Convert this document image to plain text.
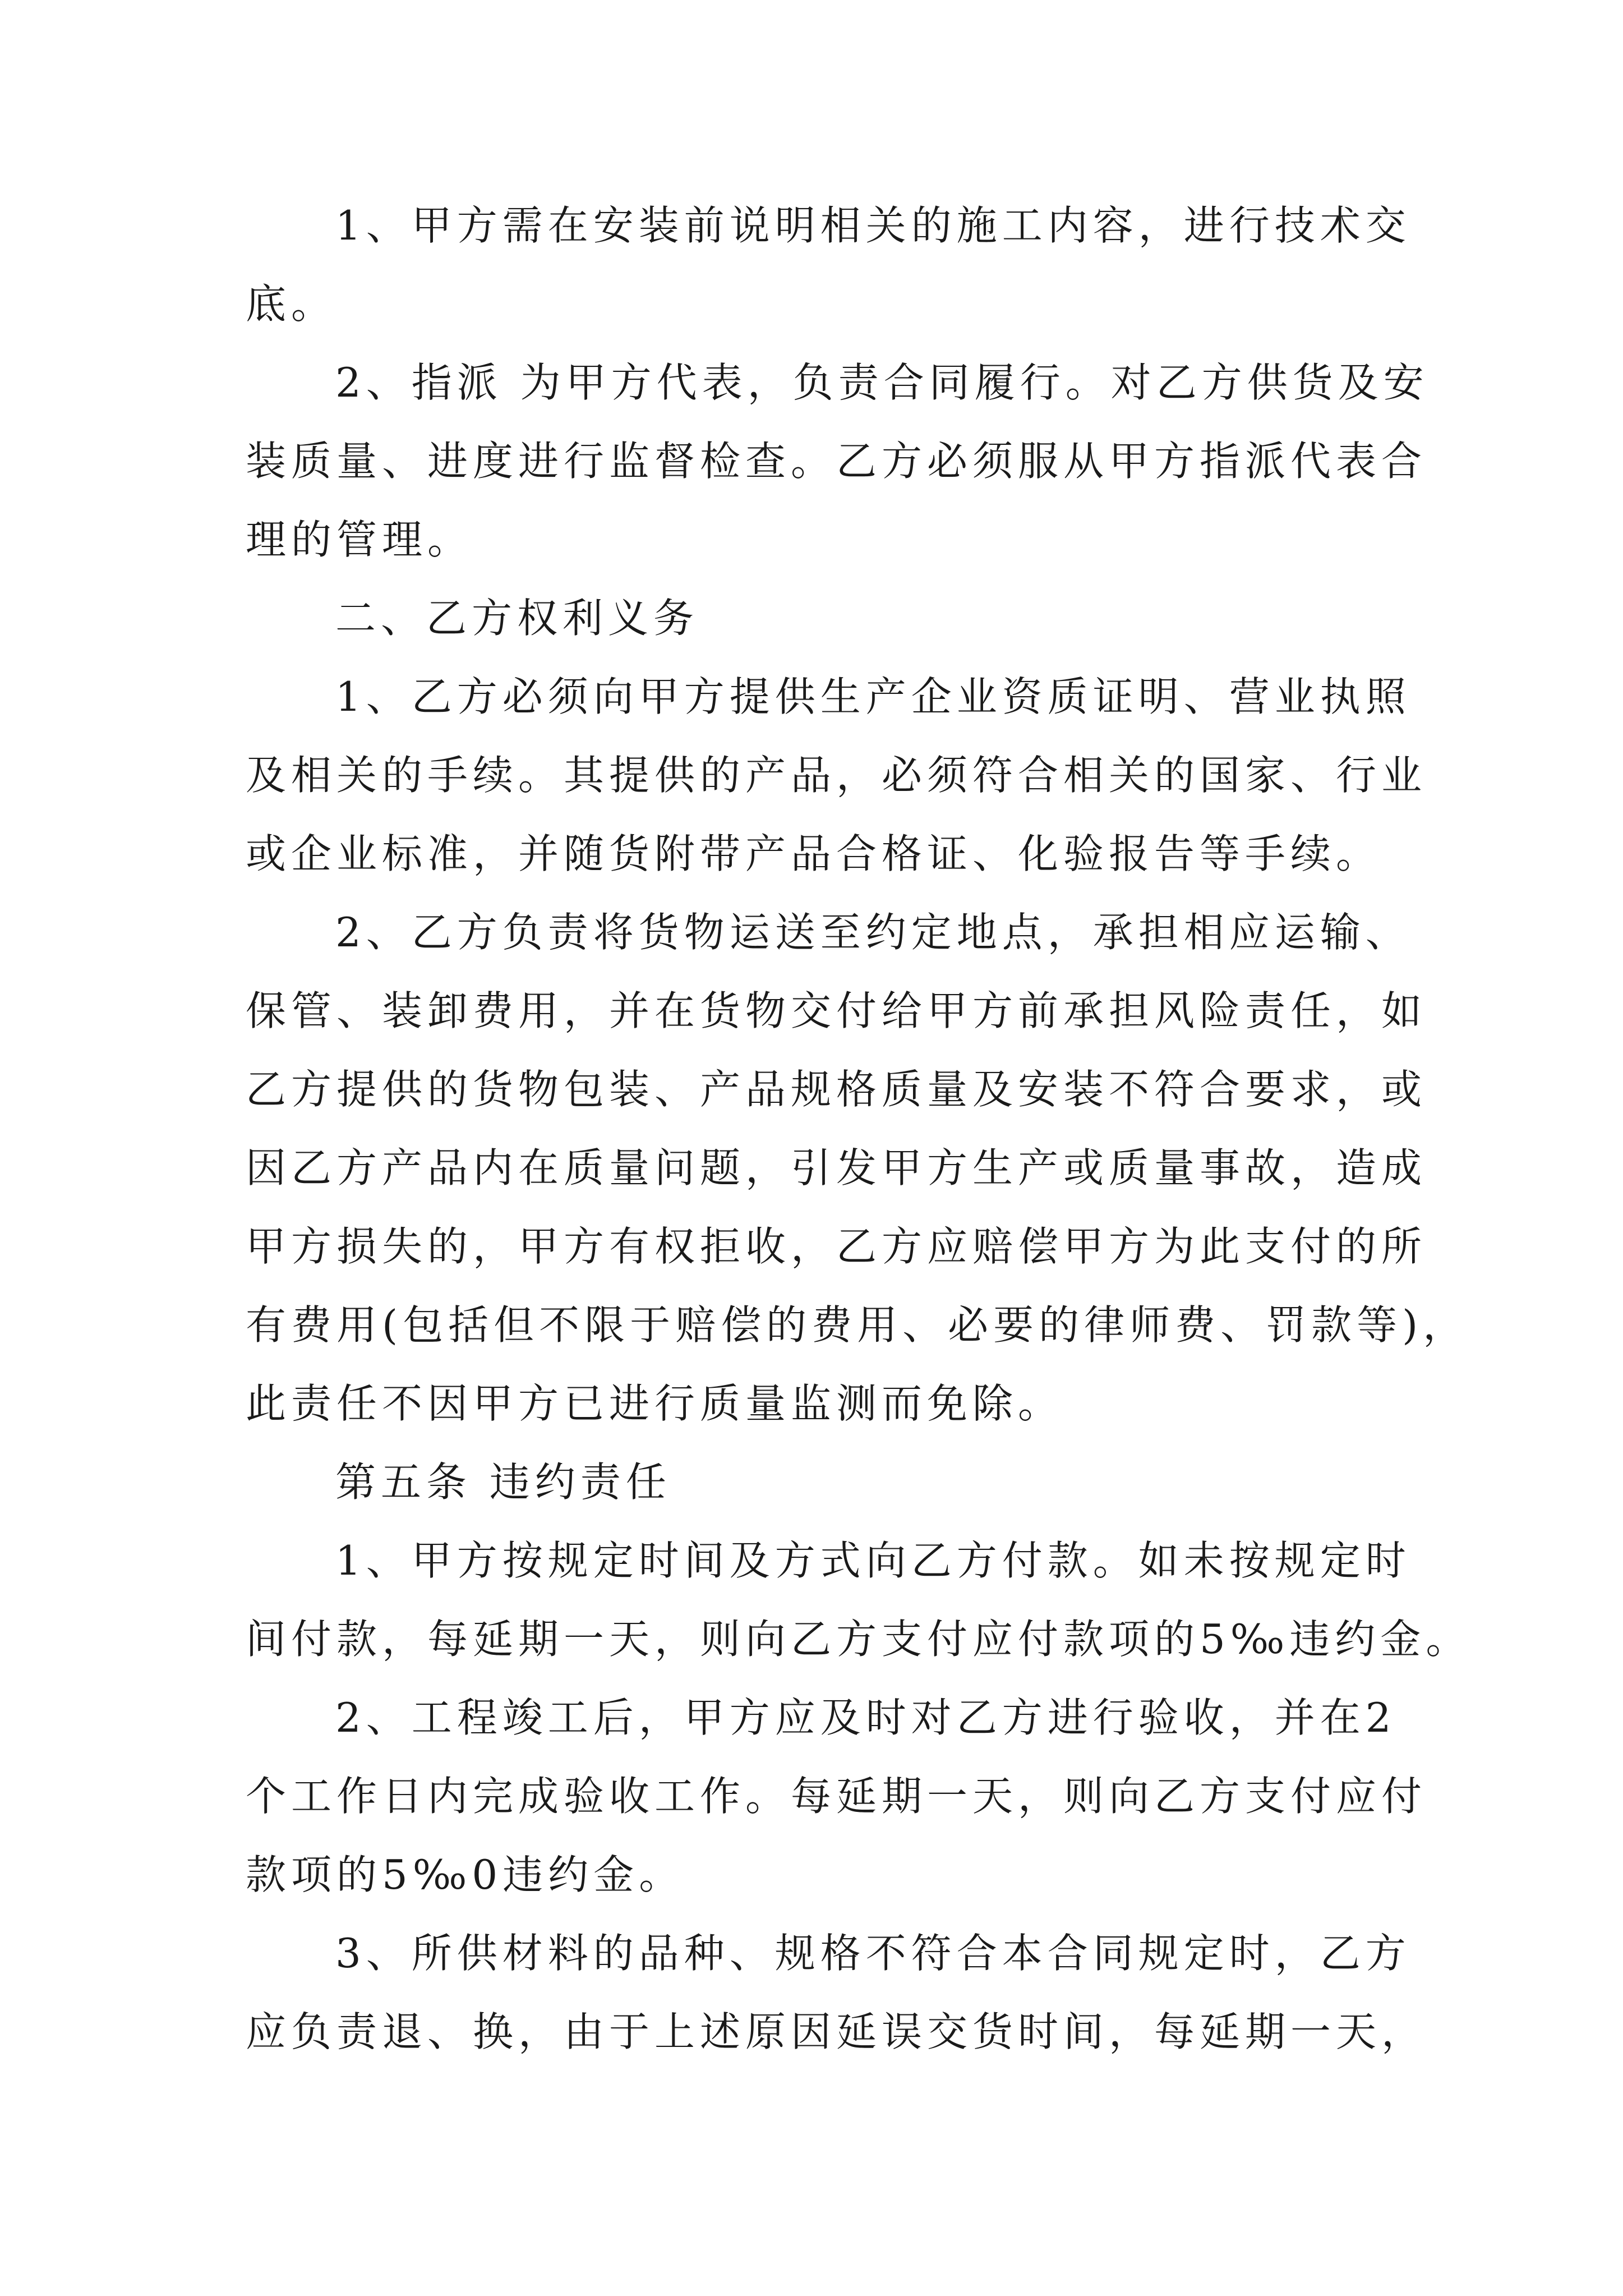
1、甲方需在安装前说明相关的施工内容，进行技术交
底。
2、指派 为甲方代表，负责合同履行。对乙方供货及安
装质量、进度进行监督检查。乙方必须服从甲方指派代表合
理的管理。
二、乙方权利义务
1、乙方必须向甲方提供生产企业资质证明、营业执照
及相关的手续。其提供的产品，必须符合相关的国家、行业
或企业标准，并随货附带产品合格证、化验报告等手续。
2、乙方负责将货物运送至约定地点，承担相应运输、
保管、装卸费用，并在货物交付给甲方前承担风险责任，如
乙方提供的货物包装、产品规格质量及安装不符合要求，或
因乙方产品内在质量问题，引发甲方生产或质量事故，造成
甲方损失的，甲方有权拒收，乙方应赔偿甲方为此支付的所
有费用(包括但不限于赔偿的费用、必要的律师费、罚款等)，
此责任不因甲方已进行质量监测而免除。
第五条 违约责任
1、甲方按规定时间及方式向乙方付款。如未按规定时
间付款，每延期一天，则向乙方支付应付款项的5‰违约金。
2、工程竣工后，甲方应及时对乙方进行验收，并在2
个工作日内完成验收工作。每延期一天，则向乙方支付应付
款项的5‰0违约金。
3、所供材料的品种、规格不符合本合同规定时，乙方
应负责退、换，由于上述原因延误交货时间，每延期一天，
